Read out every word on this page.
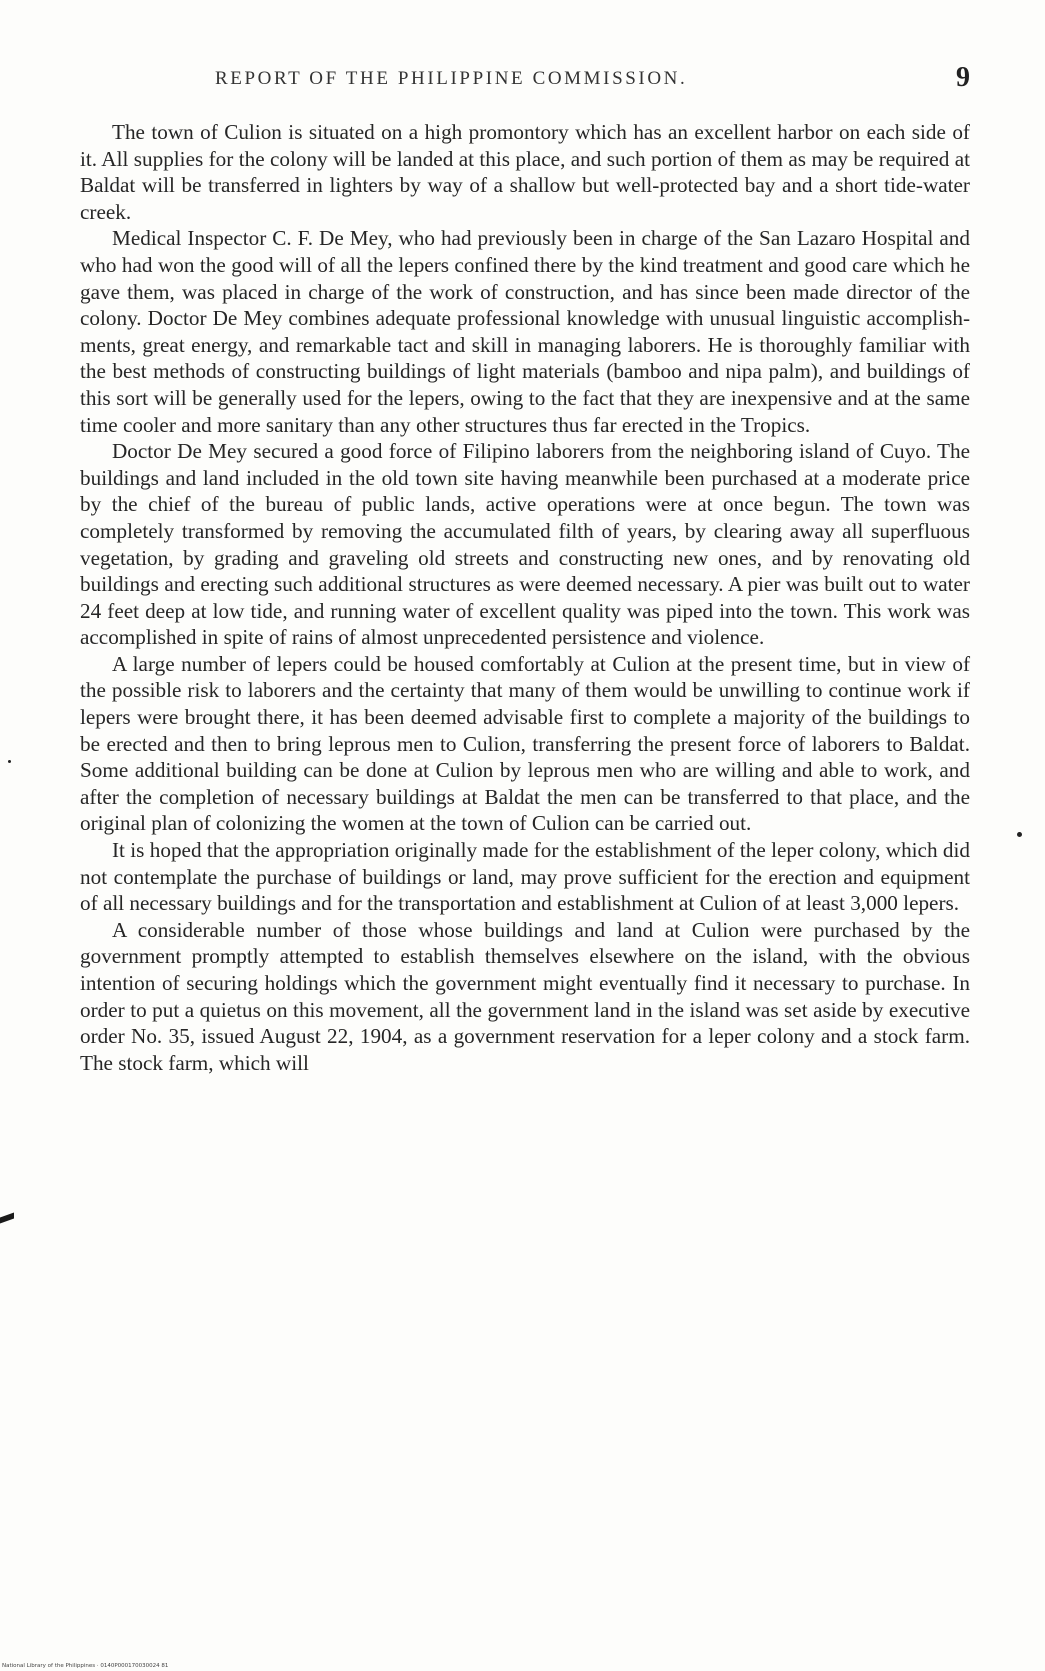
REPORT OF THE PHILIPPINE COMMISSION.	9

The town of Culion is situated on a high promontory which has an excellent harbor on each side of it. All supplies for the colony will be landed at this place, and such portion of them as may be required at Baldat will be transferred in lighters by way of a shallow but well-protected bay and a short tide-water creek.

Medical Inspector C. F. De Mey, who had previously been in charge of the San Lazaro Hospital and who had won the good will of all the lepers confined there by the kind treatment and good care which he gave them, was placed in charge of the work of construction, and has since been made director of the colony. Doctor De Mey combines adequate professional knowledge with unusual linguistic accomplishments, great energy, and remarkable tact and skill in managing laborers. He is thoroughly familiar with the best methods of constructing buildings of light materials (bamboo and nipa palm), and buildings of this sort will be generally used for the lepers, owing to the fact that they are inexpensive and at the same time cooler and more sanitary than any other structures thus far erected in the Tropics.

Doctor De Mey secured a good force of Filipino laborers from the neighboring island of Cuyo. The buildings and land included in the old town site having meanwhile been purchased at a moderate price by the chief of the bureau of public lands, active operations were at once begun. The town was completely transformed by removing the accumulated filth of years, by clearing away all superfluous vegetation, by grading and graveling old streets and constructing new ones, and by renovating old buildings and erecting such additional structures as were deemed necessary. A pier was built out to water 24 feet deep at low tide, and running water of excellent quality was piped into the town. This work was accomplished in spite of rains of almost unprecedented persistence and violence.

A large number of lepers could be housed comfortably at Culion at the present time, but in view of the possible risk to laborers and the certainty that many of them would be unwilling to continue work if lepers were brought there, it has been deemed advisable first to complete a majority of the buildings to be erected and then to bring leprous men to Culion, transferring the present force of laborers to Baldat. Some additional building can be done at Culion by leprous men who are willing and able to work, and after the completion of necessary buildings at Baldat the men can be transferred to that place, and the original plan of colonizing the women at the town of Culion can be carried out.

It is hoped that the appropriation originally made for the establishment of the leper colony, which did not contemplate the purchase of buildings or land, may prove sufficient for the erection and equipment of all necessary buildings and for the transportation and establishment at Culion of at least 3,000 lepers.

A considerable number of those whose buildings and land at Culion were purchased by the government promptly attempted to establish themselves elsewhere on the island, with the obvious intention of securing holdings which the government might eventually find it necessary to purchase. In order to put a quietus on this movement, all the government land in the island was set aside by executive order No. 35, issued August 22, 1904, as a government reservation for a leper colony and a stock farm. The stock farm, which will

National Library of the Philippines · 0140P000170030024 81
